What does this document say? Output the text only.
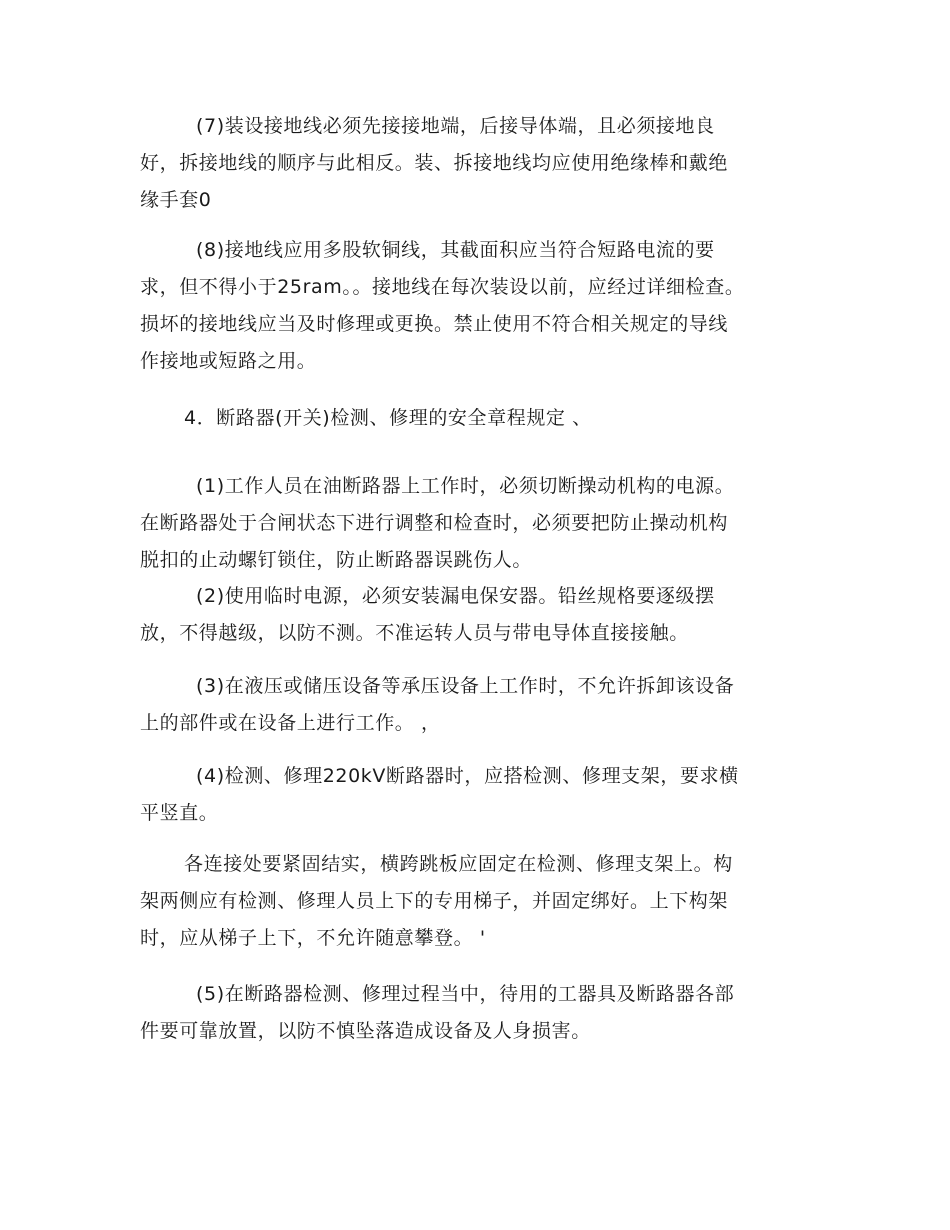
(7)装设接地线必须先接接地端，后接导体端，且必须接地良
好，拆接地线的顺序与此相反。装、拆接地线均应使用绝缘棒和戴绝
缘手套0
(8)接地线应用多股软铜线，其截面积应当符合短路电流的要
求，但不得小于25ram。。接地线在每次装设以前，应经过详细检查。
损坏的接地线应当及时修理或更换。禁止使用不符合相关规定的导线
作接地或短路之用。
4．断路器(开关)检测、修理的安全章程规定 、
(1)工作人员在油断路器上工作时，必须切断操动机构的电源。
在断路器处于合闸状态下进行调整和检查时，必须要把防止操动机构
脱扣的止动螺钉锁住，防止断路器误跳伤人。
(2)使用临时电源，必须安装漏电保安器。铅丝规格要逐级摆
放，不得越级，以防不测。不准运转人员与带电导体直接接触。
(3)在液压或储压设备等承压设备上工作时，不允许拆卸该设备
上的部件或在设备上进行工作。 ，
(4)检测、修理220kV断路器时，应搭检测、修理支架，要求横
平竖直。
各连接处要紧固结实，横跨跳板应固定在检测、修理支架上。构
架两侧应有检测、修理人员上下的专用梯子，并固定绑好。上下构架
时，应从梯子上下，不允许随意攀登。 '
(5)在断路器检测、修理过程当中，待用的工器具及断路器各部
件要可靠放置，以防不慎坠落造成设备及人身损害。
